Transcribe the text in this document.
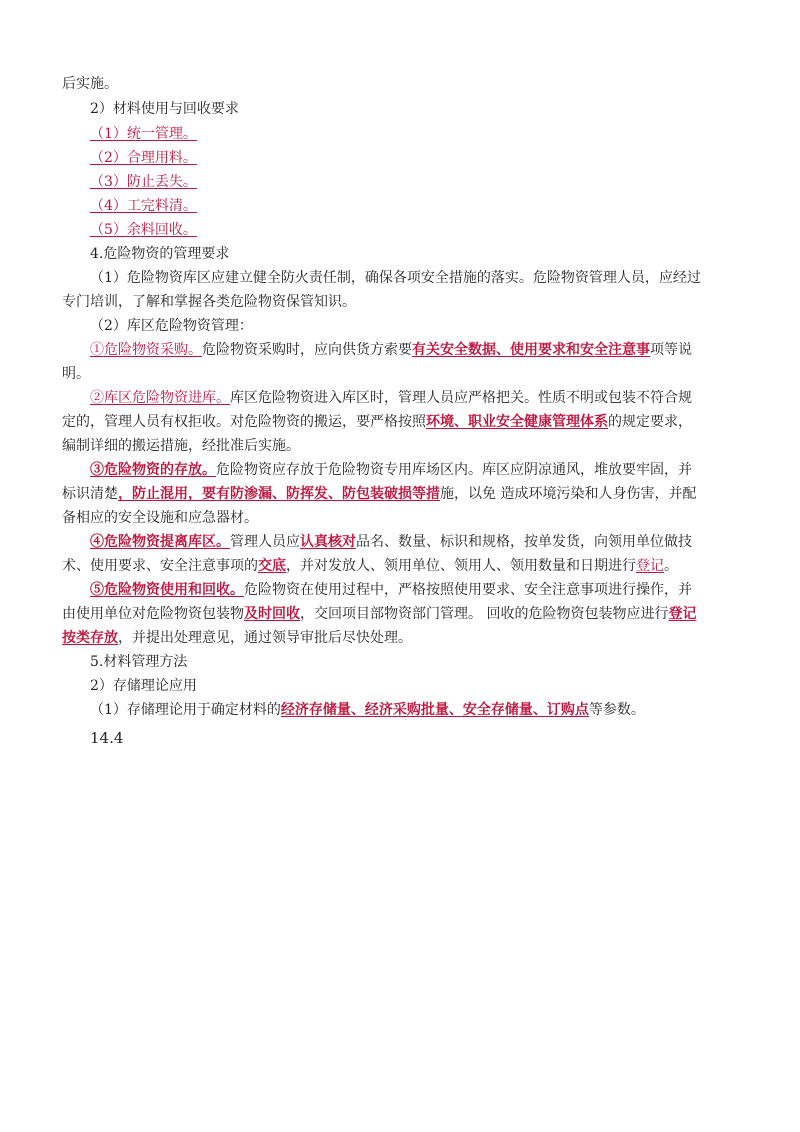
后实施。
2）材料使用与回收要求
（1）统一管理。
（2）合理用料。
（3）防止丢失。
（4）工完料清。
（5）余料回收。
4.危险物资的管理要求
（1）危险物资库区应建立健全防火责任制，确保各项安全措施的落实。危险物资管理人员，应经过
专门培训，了解和掌握各类危险物资保管知识。
（2）库区危险物资管理：
①危险物资采购。危险物资采购时，应向供货方索要有关安全数据、使用要求和安全注意事项等说
明。
②库区危险物资进库。库区危险物资进入库区时，管理人员应严格把关。性质不明或包装不符合规
定的，管理人员有权拒收。对危险物资的搬运，要严格按照环境、职业安全健康管理体系的规定要求，
编制详细的搬运措施，经批准后实施。
③危险物资的存放。危险物资应存放于危险物资专用库场区内。库区应阴凉通风，堆放要牢固，并
标识清楚，防止混用，要有防渗漏、防挥发、防包装破损等措施，以免 造成环境污染和人身伤害，并配
备相应的安全设施和应急器材。
④危险物资提离库区。管理人员应认真核对品名、数量、标识和规格，按单发货，向领用单位做技
术、使用要求、安全注意事项的交底，并对发放人、领用单位、领用人、领用数量和日期进行登记。
⑤危险物资使用和回收。危险物资在使用过程中，严格按照使用要求、安全注意事项进行操作，并
由使用单位对危险物资包装物及时回收，交回项目部物资部门管理。 回收的危险物资包装物应进行登记
按类存放，并提出处理意见，通过领导审批后尽快处理。
5.材料管理方法
2）存储理论应用
（1）存储理论用于确定材料的经济存储量、经济采购批量、安全存储量、订购点等参数。
14.4
